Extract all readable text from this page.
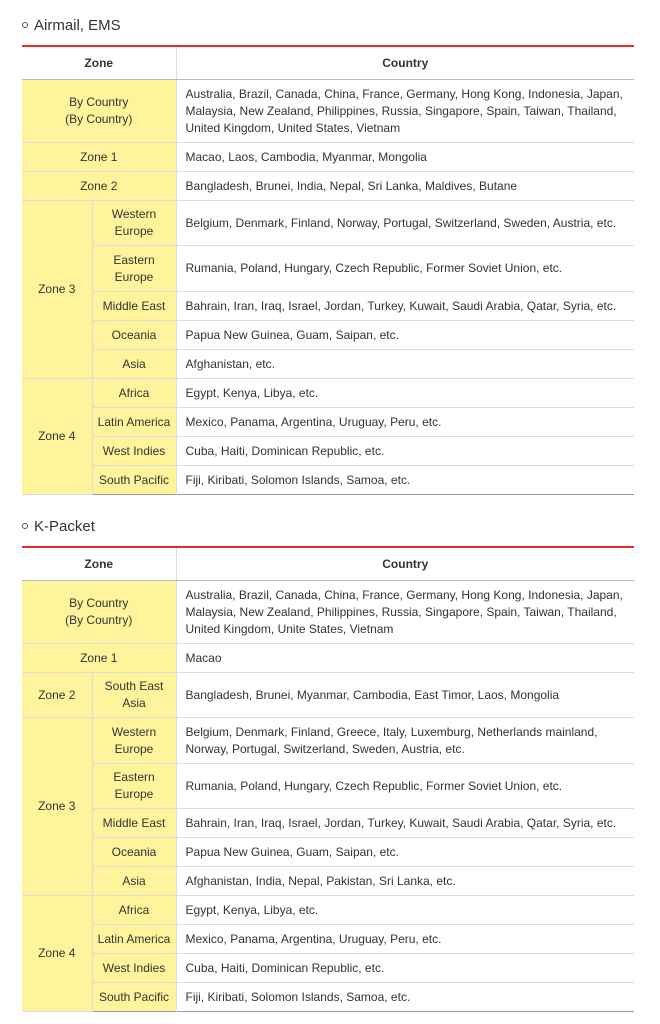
Airmail, EMS
Zone		Country
By Country
(By Country)		Australia, Brazil, Canada, China, France, Germany, Hong Kong, Indonesia, Japan, Malaysia, New Zealand, Philippines, Russia, Singapore, Spain, Taiwan, Thailand, United Kingdom, United States, Vietnam
Zone 1		Macao, Laos, Cambodia, Myanmar, Mongolia
Zone 2		Bangladesh, Brunei, India, Nepal, Sri Lanka, Maldives, Butane
Zone 3	Western
Europe	Belgium, Denmark, Finland, Norway, Portugal, Switzerland, Sweden, Austria, etc.
	Eastern
Europe	Rumania, Poland, Hungary, Czech Republic, Former Soviet Union, etc.
	Middle East	Bahrain, Iran, Iraq, Israel, Jordan, Turkey, Kuwait, Saudi Arabia, Qatar, Syria, etc.
	Oceania	Papua New Guinea, Guam, Saipan, etc.
	Asia	Afghanistan, etc.
Zone 4	Africa	Egypt, Kenya, Libya, etc.
	Latin America	Mexico, Panama, Argentina, Uruguay, Peru, etc.
	West Indies	Cuba, Haiti, Dominican Republic, etc.
	South Pacific	Fiji, Kiribati, Solomon Islands, Samoa, etc.
K-Packet
Zone		Country
By Country
(By Country)		Australia, Brazil, Canada, China, France, Germany, Hong Kong, Indonesia, Japan, Malaysia, New Zealand, Philippines, Russia, Singapore, Spain, Taiwan, Thailand, United Kingdom, Unite States, Vietnam
Zone 1		Macao
Zone 2	South East
Asia	Bangladesh, Brunei, Myanmar, Cambodia, East Timor, Laos, Mongolia
Zone 3	Western
Europe	Belgium, Denmark, Finland, Greece, Italy, Luxemburg, Netherlands mainland, Norway, Portugal, Switzerland, Sweden, Austria, etc.
	Eastern
Europe	Rumania, Poland, Hungary, Czech Republic, Former Soviet Union, etc.
	Middle East	Bahrain, Iran, Iraq, Israel, Jordan, Turkey, Kuwait, Saudi Arabia, Qatar, Syria, etc.
	Oceania	Papua New Guinea, Guam, Saipan, etc.
	Asia	Afghanistan, India, Nepal, Pakistan, Sri Lanka, etc.
Zone 4	Africa	Egypt, Kenya, Libya, etc.
	Latin America	Mexico, Panama, Argentina, Uruguay, Peru, etc.
	West Indies	Cuba, Haiti, Dominican Republic, etc.
	South Pacific	Fiji, Kiribati, Solomon Islands, Samoa, etc.
